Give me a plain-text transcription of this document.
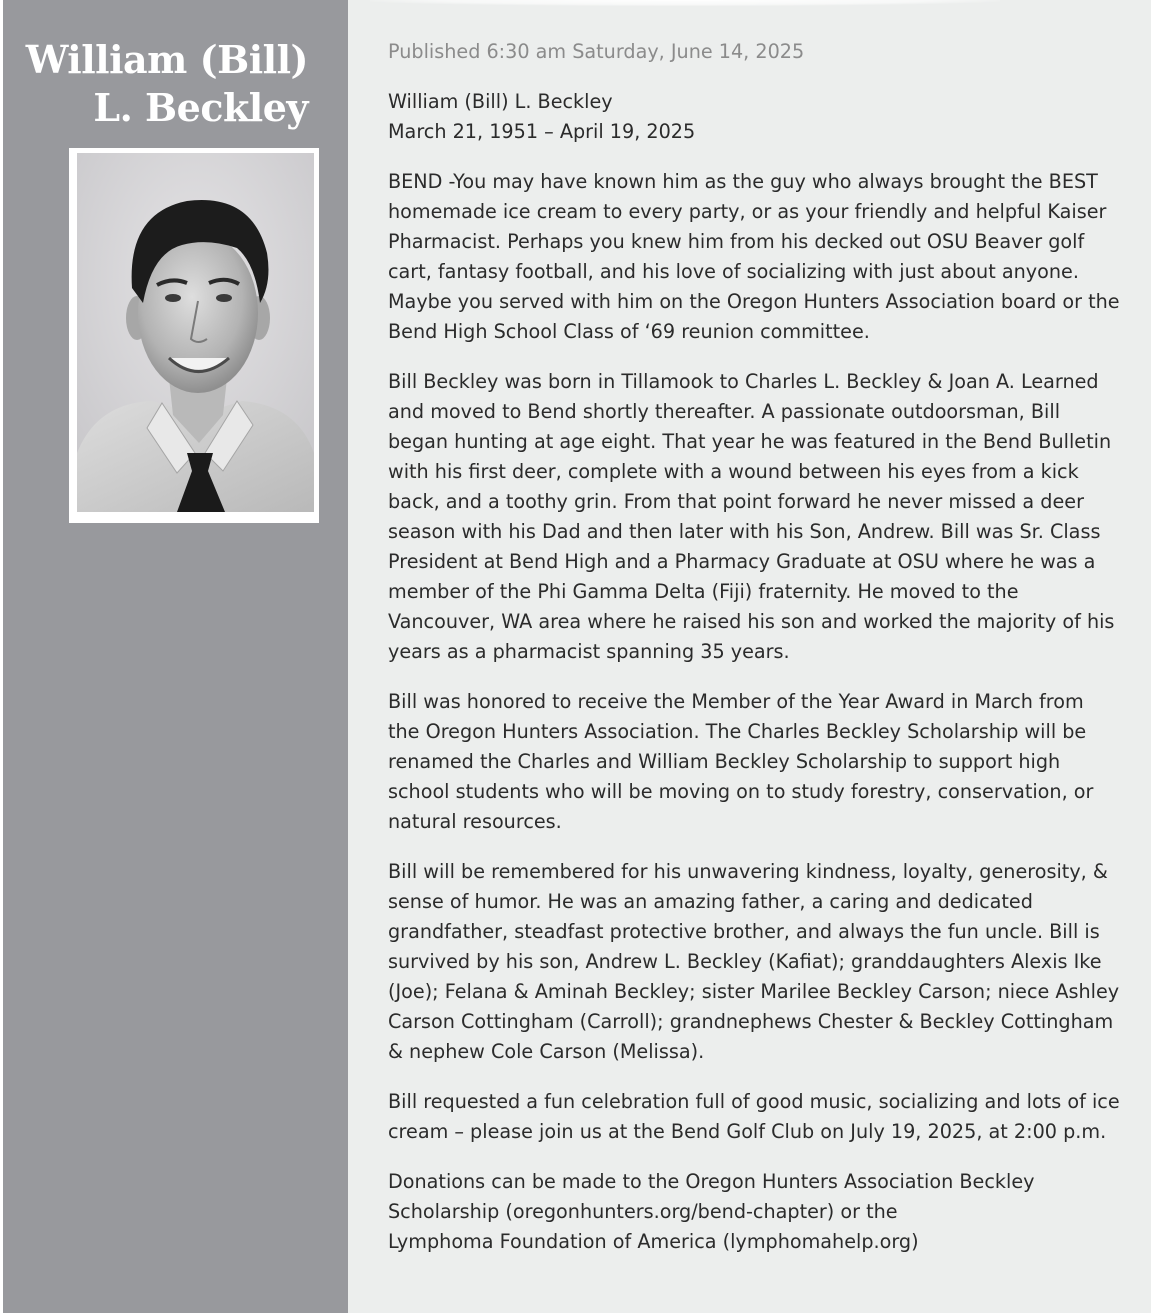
William (Bill)
L. Beckley

Published 6:30 am Saturday, June 14, 2025

William (Bill) L. Beckley
March 21, 1951 – April 19, 2025

BEND -You may have known him as the guy who always brought the BEST homemade ice cream to every party, or as your friendly and helpful Kaiser Pharmacist. Perhaps you knew him from his decked out OSU Beaver golf cart, fantasy football, and his love of socializing with just about anyone. Maybe you served with him on the Oregon Hunters Association board or the Bend High School Class of ‘69 reunion committee.

Bill Beckley was born in Tillamook to Charles L. Beckley & Joan A. Learned and moved to Bend shortly thereafter. A passionate outdoorsman, Bill began hunting at age eight. That year he was featured in the Bend Bulletin with his first deer, complete with a wound between his eyes from a kick back, and a toothy grin. From that point forward he never missed a deer season with his Dad and then later with his Son, Andrew. Bill was Sr. Class President at Bend High and a Pharmacy Graduate at OSU where he was a member of the Phi Gamma Delta (Fiji) fraternity. He moved to the Vancouver, WA area where he raised his son and worked the majority of his years as a pharmacist spanning 35 years.

Bill was honored to receive the Member of the Year Award in March from the Oregon Hunters Association. The Charles Beckley Scholarship will be renamed the Charles and William Beckley Scholarship to support high school students who will be moving on to study forestry, conservation, or natural resources.

Bill will be remembered for his unwavering kindness, loyalty, generosity, & sense of humor. He was an amazing father, a caring and dedicated grandfather, steadfast protective brother, and always the fun uncle. Bill is survived by his son, Andrew L. Beckley (Kafiat); granddaughters Alexis Ike (Joe); Felana & Aminah Beckley; sister Marilee Beckley Carson; niece Ashley Carson Cottingham (Carroll); grandnephews Chester & Beckley Cottingham & nephew Cole Carson (Melissa).

Bill requested a fun celebration full of good music, socializing and lots of ice cream – please join us at the Bend Golf Club on July 19, 2025, at 2:00 p.m.

Donations can be made to the Oregon Hunters Association Beckley Scholarship (oregonhunters.org/bend-chapter) or the
Lymphoma Foundation of America (lymphomahelp.org)
